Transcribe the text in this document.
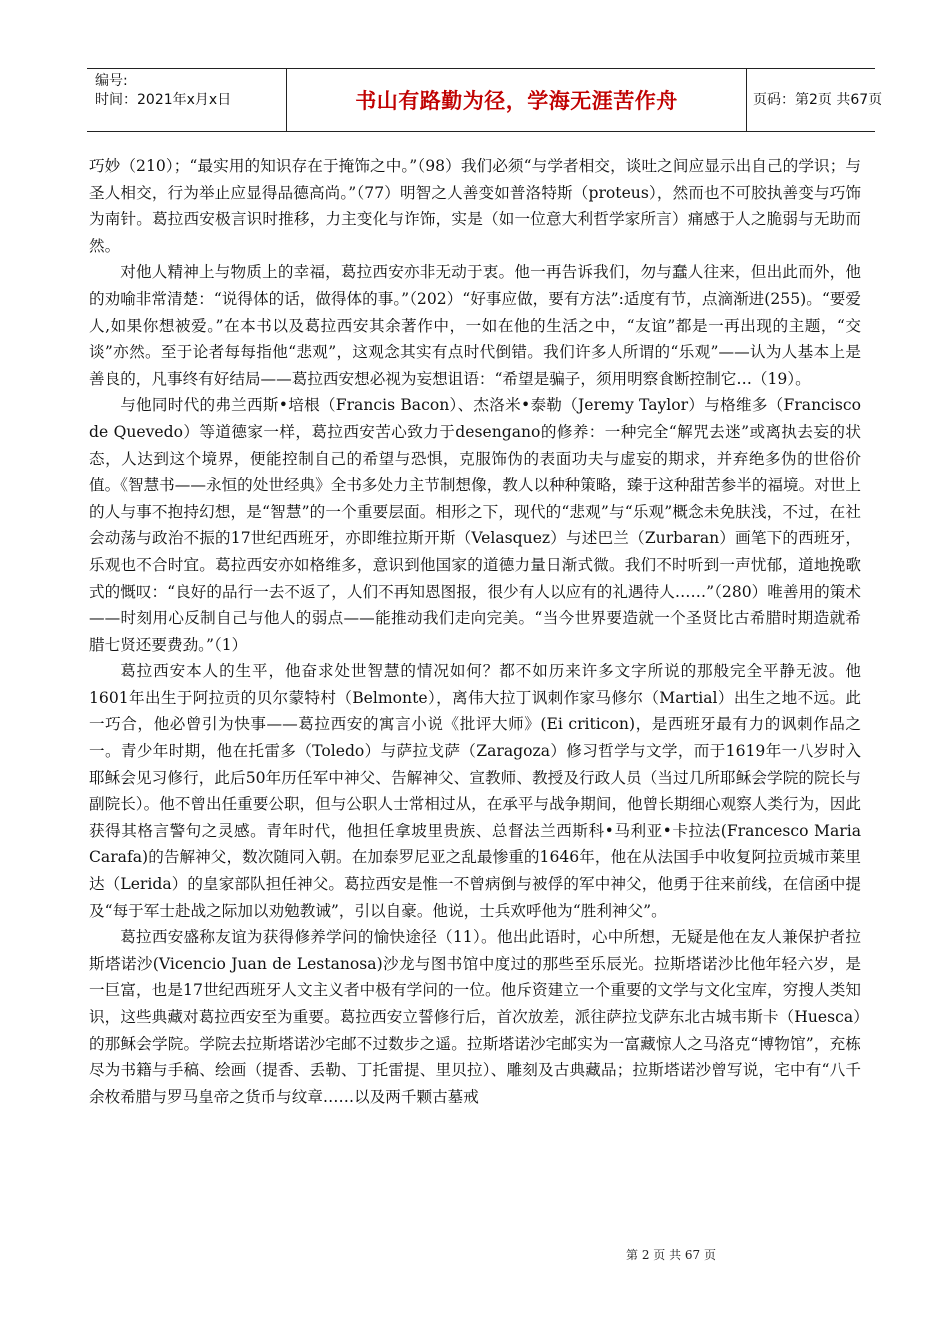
编号:
时间：2021年x月x日	书山有路勤为径，学海无涯苦作舟	页码：第2页 共67页

巧妙（210）；“最实用的知识存在于掩饰之中。”（98）我们必须“与学者相交，谈吐之间应显示出自己的学识；与圣人相交，行为举止应显得品德高尚。”（77）明智之人善变如普洛特斯（proteus），然而也不可胶执善变与巧饰为南针。葛拉西安极言识时推移，力主变化与诈饰，实是（如一位意大利哲学家所言）痛感于人之脆弱与无助而然。

对他人精神上与物质上的幸福，葛拉西安亦非无动于衷。他一再告诉我们，勿与蠢人往来，但出此而外，他的劝喻非常清楚：“说得体的话，做得体的事。”（202）“好事应做，要有方法”:适度有节，点滴渐进(255)。“要爱人,如果你想被爱。”在本书以及葛拉西安其余著作中，一如在他的生活之中，“友谊”都是一再出现的主题，“交谈”亦然。至于论者每每指他“悲观”，这观念其实有点时代倒错。我们许多人所谓的“乐观”——认为人基本上是善良的，凡事终有好结局——葛拉西安想必视为妄想诅语：“希望是骗子，须用明察食断控制它…（19）。

与他同时代的弗兰西斯•培根（Francis Bacon）、杰洛米•泰勒（Jeremy Taylor）与格维多（Francisco de Quevedo）等道德家一样，葛拉西安苦心致力于desengano的修养：一种完全“解咒去迷”或离执去妄的状态，人达到这个境界，便能控制自己的希望与恐惧，克服饰伪的表面功夫与虚妄的期求，并弃绝多伪的世俗价值。《智慧书——永恒的处世经典》全书多处力主节制想像，教人以种种策略，臻于这种甜苦参半的福境。对世上的人与事不抱持幻想，是“智慧”的一个重要层面。相形之下，现代的“悲观”与“乐观”概念未免肤浅，不过，在社会动荡与政治不振的17世纪西班牙，亦即维拉斯开斯（Velasquez）与述巴兰（Zurbaran）画笔下的西班牙，乐观也不合时宜。葛拉西安亦如格维多，意识到他国家的道德力量日渐式微。我们不时听到一声忧郁，道地挽歌式的慨叹：“良好的品行一去不返了，人们不再知恩图报，很少有人以应有的礼遇待人……”（280）唯善用的策术——时刻用心反制自己与他人的弱点——能推动我们走向完美。“当今世界要造就一个圣贤比古希腊时期造就希腊七贤还要费劲。”（1）

葛拉西安本人的生平，他奋求处世智慧的情况如何？都不如历来许多文字所说的那般完全平静无波。他1601年出生于阿拉贡的贝尔蒙特村（Belmonte），离伟大拉丁讽刺作家马修尔（Martial）出生之地不远。此一巧合，他必曾引为快事——葛拉西安的寓言小说《批评大师》(Ei criticon)，是西班牙最有力的讽刺作品之一。青少年时期，他在托雷多（Toledo）与萨拉戈萨（Zaragoza）修习哲学与文学，而于1619年一八岁时入耶稣会见习修行，此后50年历任军中神父、告解神父、宣教师、教授及行政人员（当过几所耶稣会学院的院长与副院长）。他不曾出任重要公职，但与公职人士常相过从，在承平与战争期间，他曾长期细心观察人类行为，因此获得其格言警句之灵感。青年时代，他担任拿坡里贵族、总督法兰西斯科•马利亚•卡拉法(Francesco Maria Carafa)的告解神父，数次随同入朝。在加泰罗尼亚之乱最惨重的1646年，他在从法国手中收复阿拉贡城市莱里达（Lerida）的皇家部队担任神父。葛拉西安是惟一不曾病倒与被俘的军中神父，他勇于往来前线，在信函中提及“每于军士赴战之际加以劝勉教诫”，引以自豪。他说，士兵欢呼他为“胜利神父”。

葛拉西安盛称友谊为获得修养学问的愉快途径（11）。他出此语时，心中所想，无疑是他在友人兼保护者拉斯塔诺沙(Vicencio Juan de Lestanosa)沙龙与图书馆中度过的那些至乐辰光。拉斯塔诺沙比他年轻六岁，是一巨富，也是17世纪西班牙人文主义者中极有学问的一位。他斥资建立一个重要的文学与文化宝库，穷搜人类知识，这些典藏对葛拉西安至为重要。葛拉西安立誓修行后，首次放差，派往萨拉戈萨东北古城韦斯卡（Huesca）的那稣会学院。学院去拉斯塔诺沙宅邮不过数步之遥。拉斯塔诺沙宅邮实为一富藏惊人之马洛克“博物馆”，充栋尽为书籍与手稿、绘画（提香、丢勒、丁托雷提、里贝拉）、雕刻及古典藏品；拉斯塔诺沙曾写说，宅中有“八千余枚希腊与罗马皇帝之货币与纹章……以及两千颗古墓戒

第 2 页 共 67 页
